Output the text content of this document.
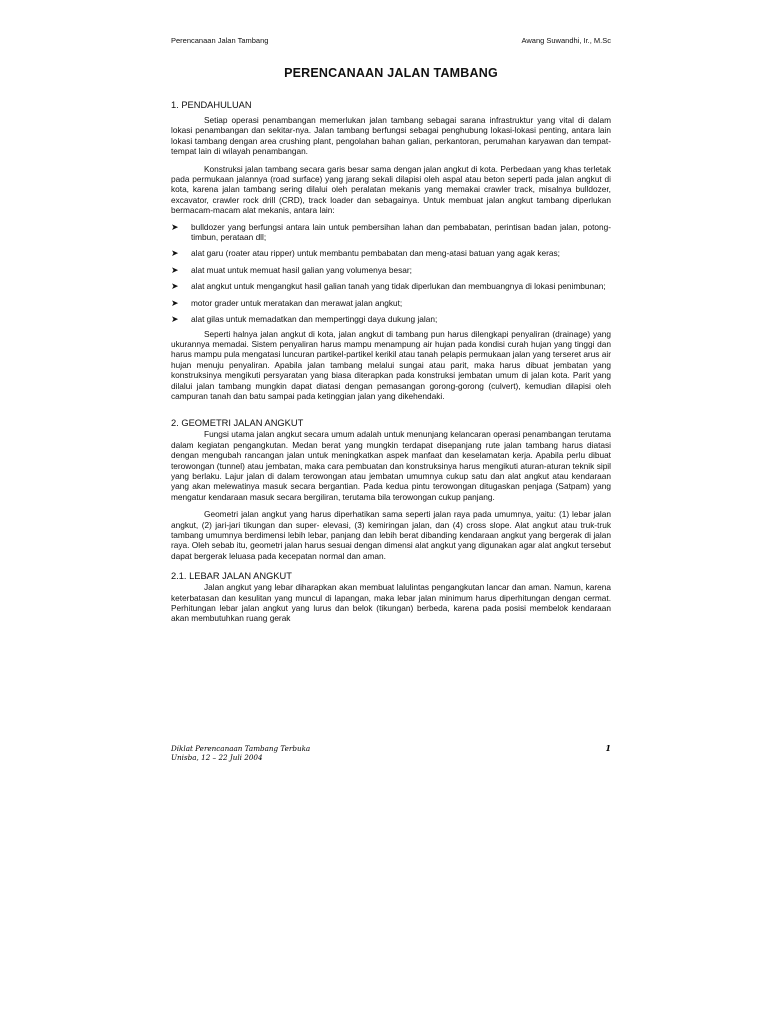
Perencanaan Jalan Tambang	Awang Suwandhi, Ir., M.Sc
PERENCANAAN JALAN TAMBANG
1. PENDAHULUAN

Setiap operasi penambangan memerlukan jalan tambang sebagai sarana infrastruktur yang vital di dalam lokasi penambangan dan sekitar-nya. Jalan tambang berfungsi sebagai penghubung lokasi-lokasi penting, antara lain lokasi tambang dengan area crushing plant, pengolahan bahan galian, perkantoran, perumahan karyawan dan tempat-tempat lain di wilayah penambangan.

Konstruksi jalan tambang secara garis besar sama dengan jalan angkut di kota. Perbedaan yang khas terletak pada permukaan jalannya (road surface) yang jarang sekali dilapisi oleh aspal atau beton seperti pada jalan angkut di kota, karena jalan tambang sering dilalui oleh peralatan mekanis yang memakai crawler track, misalnya bulldozer, excavator, crawler rock drill (CRD), track loader dan sebagainya. Untuk membuat jalan angkut tambang diperlukan bermacam-macam alat mekanis, antara lain:

➤	bulldozer yang berfungsi antara lain untuk pembersihan lahan dan pembabatan, perintisan badan jalan, potong-timbun, perataan dll;
➤	alat garu (roater atau ripper) untuk membantu pembabatan dan meng-atasi batuan yang agak keras;
➤	alat muat untuk memuat hasil galian yang volumenya besar;
➤	alat angkut untuk mengangkut hasil galian tanah yang tidak diperlukan dan membuangnya di lokasi penimbunan;
➤	motor grader untuk meratakan dan merawat jalan angkut;
➤	alat gilas untuk memadatkan dan mempertinggi daya dukung jalan;

Seperti halnya jalan angkut di kota, jalan angkut di tambang pun harus dilengkapi penyaliran (drainage) yang ukurannya memadai. Sistem penyaliran harus mampu menampung air hujan pada kondisi curah hujan yang tinggi dan harus mampu pula mengatasi luncuran partikel-partikel kerikil atau tanah pelapis permukaan jalan yang terseret arus air hujan menuju penyaliran. Apabila jalan tambang melalui sungai atau parit, maka harus dibuat jembatan yang konstruksinya mengikuti persyaratan yang biasa diterapkan pada konstruksi jembatan umum di jalan kota. Parit yang dilalui jalan tambang mungkin dapat diatasi dengan pemasangan gorong-gorong (culvert), kemudian dilapisi oleh campuran tanah dan batu sampai pada ketinggian jalan yang dikehendaki.

2. GEOMETRI JALAN ANGKUT

Fungsi utama jalan angkut secara umum adalah untuk menunjang kelancaran operasi penambangan terutama dalam kegiatan pengangkutan. Medan berat yang mungkin terdapat disepanjang rute jalan tambang harus diatasi dengan mengubah rancangan jalan untuk meningkatkan aspek manfaat dan keselamatan kerja. Apabila perlu dibuat terowongan (tunnel) atau jembatan, maka cara pembuatan dan konstruksinya harus mengikuti aturan-aturan teknik sipil yang berlaku. Lajur jalan di dalam terowongan atau jembatan umumnya cukup satu dan alat angkut atau kendaraan yang akan melewatinya masuk secara bergantian. Pada kedua pintu terowongan ditugaskan penjaga (Satpam) yang mengatur kendaraan masuk secara bergiliran, terutama bila terowongan cukup panjang.

Geometri jalan angkut yang harus diperhatikan sama seperti jalan raya pada umumnya, yaitu: (1) lebar jalan angkut, (2) jari-jari tikungan dan super- elevasi, (3) kemiringan jalan, dan (4) cross slope. Alat angkut atau truk-truk tambang umumnya berdimensi lebih lebar, panjang dan lebih berat dibanding kendaraan angkut yang bergerak di jalan raya. Oleh sebab itu, geometri jalan harus sesuai dengan dimensi alat angkut yang digunakan agar alat angkut tersebut dapat bergerak leluasa pada kecepatan normal dan aman.

2.1. LEBAR JALAN ANGKUT

Jalan angkut yang lebar diharapkan akan membuat lalulintas pengangkutan lancar dan aman. Namun, karena keterbatasan dan kesulitan yang muncul di lapangan, maka lebar jalan minimum harus diperhitungan dengan cermat. Perhitungan lebar jalan angkut yang lurus dan belok (tikungan) berbeda, karena pada posisi membelok kendaraan akan membutuhkan ruang gerak

Diklat Perencanaan Tambang Terbuka
Unisba, 12 – 22 Juli 2004
1
